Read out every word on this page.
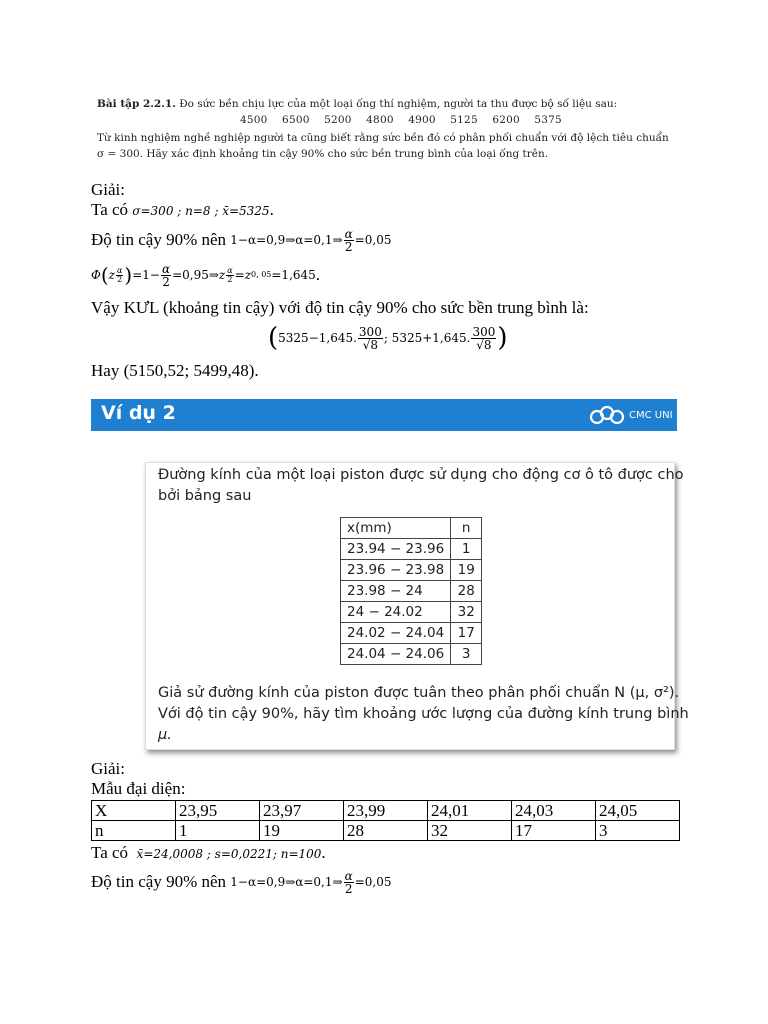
Bài tập 2.2.1. Đo sức bền chịu lực của một loại ống thí nghiệm, người ta thu được bộ số liệu sau:
4500 6500 5200 4800 4900 5125 6200 5375
Từ kinh nghiệm nghề nghiệp người ta cũng biết rằng sức bền đó có phân phối chuẩn với độ lệch tiêu chuẩn
σ = 300. Hãy xác định khoảng tin cậy 90% cho sức bền trung bình của loại ống trên.
Giải:
Ta có σ=300 ; n=8 ; x̄=5325.
Độ tin cậy 90% nên
1−α=0,9⇒α=0,1⇒ $\frac{\alpha}{2} =0,05$
Φ ( z $\frac{\alpha}{2}$ ) $=1- \frac{\alpha}{2}$ =0,95⇒ z $\frac{\alpha}{2} = z$ 0, 05 =1,645 .
Vậy KƯL (khoảng tin cậy) với độ tin cậy 90% cho sức bền trung bình là:
( 5325−1,645. $\frac{300}{√8}$ ; 5325+1,645. $\frac{300}{√8}$ )
Hay (5150,52; 5499,48).
Ví dụ 2	CMC UNI
Đường kính của một loại piston được sử dụng cho động cơ ô tô được cho
bởi bảng sau
x(mm)	n
23.94 − 23.96	1
23.96 − 23.98	19
23.98 − 24	28
24 − 24.02	32
24.02 − 24.04	17
24.04 − 24.06	3
Giả sử đường kính của piston được tuân theo phân phối chuẩn N (μ, σ²).
Với độ tin cậy 90%, hãy tìm khoảng ước lượng của đường kính trung bình
μ.
Giải:
Mẫu đại diện:
X	23,95	23,97	23,99	24,01	24,03	24,05
n	1	19	28	32	17	3
Ta có x̄=24,0008 ; s=0,0221; n=100.
Độ tin cậy 90% nên
1−α=0,9⇒α=0,1⇒ $\frac{\alpha}{2} =0,05$
